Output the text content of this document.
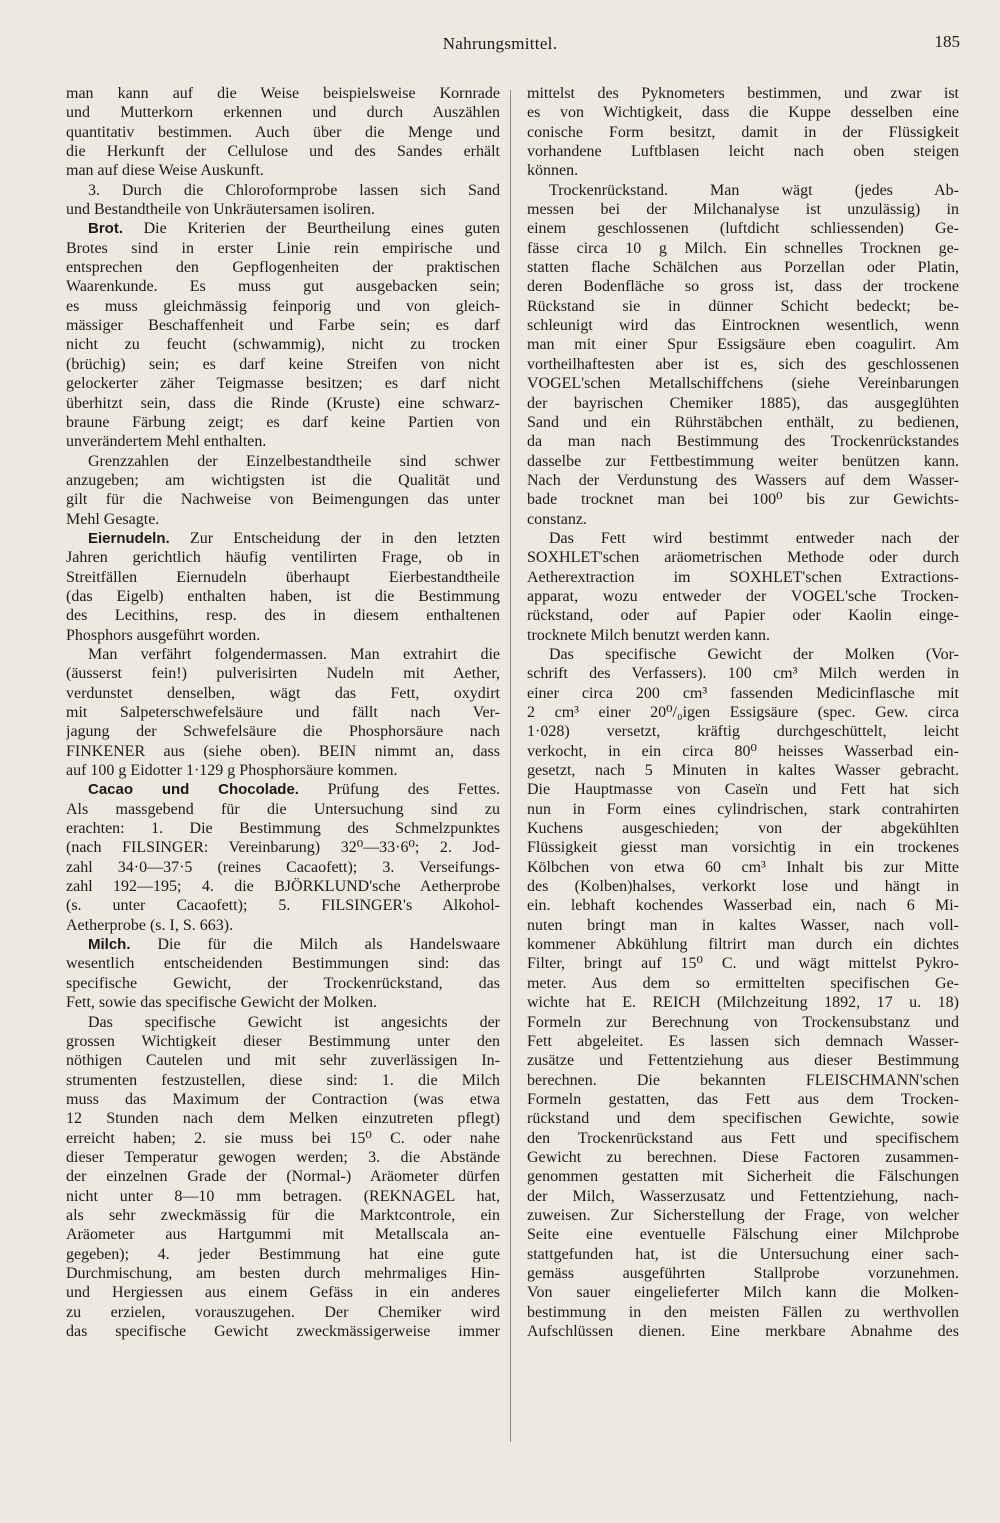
Nahrungsmittel.	185
man kann auf die Weise beispielsweise Kornrade
und Mutterkorn erkennen und durch Auszählen
quantitativ bestimmen. Auch über die Menge und
die Herkunft der Cellulose und des Sandes erhält
man auf diese Weise Auskunft.
3. Durch die Chloroformprobe lassen sich Sand
und Bestandtheile von Unkräutersamen isoliren.
Brot. Die Kriterien der Beurtheilung eines guten
Brotes sind in erster Linie rein empirische und
entsprechen den Gepflogenheiten der praktischen
Waarenkunde. Es muss gut ausgebacken sein;
es muss gleichmässig feinporig und von gleich-
mässiger Beschaffenheit und Farbe sein; es darf
nicht zu feucht (schwammig), nicht zu trocken
(brüchig) sein; es darf keine Streifen von nicht
gelockerter zäher Teigmasse besitzen; es darf nicht
überhitzt sein, dass die Rinde (Kruste) eine schwarz-
braune Färbung zeigt; es darf keine Partien von
unverändertem Mehl enthalten.
Grenzzahlen der Einzelbestandtheile sind schwer
anzugeben; am wichtigsten ist die Qualität und
gilt für die Nachweise von Beimengungen das unter
Mehl Gesagte.
Eiernudeln. Zur Entscheidung der in den letzten
Jahren gerichtlich häufig ventilirten Frage, ob in
Streitfällen Eiernudeln überhaupt Eierbestandtheile
(das Eigelb) enthalten haben, ist die Bestimmung
des Lecithins, resp. des in diesem enthaltenen
Phosphors ausgeführt worden.
Man verfährt folgendermassen. Man extrahirt die
(äusserst fein!) pulverisirten Nudeln mit Aether,
verdunstet denselben, wägt das Fett, oxydirt
mit Salpeterschwefelsäure und fällt nach Ver-
jagung der Schwefelsäure die Phosphorsäure nach
FINKENER aus (siehe oben). BEIN nimmt an, dass
auf 100 g Eidotter 1·129 g Phosphorsäure kommen.
Cacao und Chocolade. Prüfung des Fettes.
Als massgebend für die Untersuchung sind zu
erachten: 1. Die Bestimmung des Schmelzpunktes
(nach FILSINGER: Vereinbarung) 32⁰—33·6⁰; 2. Jod-
zahl 34·0—37·5 (reines Cacaofett); 3. Verseifungs-
zahl 192—195; 4. die BJÖRKLUND'sche Aetherprobe
(s. unter Cacaofett); 5. FILSINGER's Alkohol-
Aetherprobe (s. I, S. 663).
Milch. Die für die Milch als Handelswaare
wesentlich entscheidenden Bestimmungen sind: das
specifische Gewicht, der Trockenrückstand, das
Fett, sowie das specifische Gewicht der Molken.
Das specifische Gewicht ist angesichts der
grossen Wichtigkeit dieser Bestimmung unter den
nöthigen Cautelen und mit sehr zuverlässigen In-
strumenten festzustellen, diese sind: 1. die Milch
muss das Maximum der Contraction (was etwa
12 Stunden nach dem Melken einzutreten pflegt)
erreicht haben; 2. sie muss bei 15⁰ C. oder nahe
dieser Temperatur gewogen werden; 3. die Abstände
der einzelnen Grade der (Normal-) Aräometer dürfen
nicht unter 8—10 mm betragen. (REKNAGEL hat,
als sehr zweckmässig für die Marktcontrole, ein
Aräometer aus Hartgummi mit Metallscala an-
gegeben); 4. jeder Bestimmung hat eine gute
Durchmischung, am besten durch mehrmaliges Hin-
und Hergiessen aus einem Gefäss in ein anderes
zu erzielen, vorauszugehen. Der Chemiker wird
das specifische Gewicht zweckmässigerweise immer
mittelst des Pyknometers bestimmen, und zwar ist
es von Wichtigkeit, dass die Kuppe desselben eine
conische Form besitzt, damit in der Flüssigkeit
vorhandene Luftblasen leicht nach oben steigen
können.
Trockenrückstand. Man wägt (jedes Ab-
messen bei der Milchanalyse ist unzulässig) in
einem geschlossenen (luftdicht schliessenden) Ge-
fässe circa 10 g Milch. Ein schnelles Trocknen ge-
statten flache Schälchen aus Porzellan oder Platin,
deren Bodenfläche so gross ist, dass der trockene
Rückstand sie in dünner Schicht bedeckt; be-
schleunigt wird das Eintrocknen wesentlich, wenn
man mit einer Spur Essigsäure eben coagulirt. Am
vortheilhaftesten aber ist es, sich des geschlossenen
VOGEL'schen Metallschiffchens (siehe Vereinbarungen
der bayrischen Chemiker 1885), das ausgeglühten
Sand und ein Rührstäbchen enthält, zu bedienen,
da man nach Bestimmung des Trockenrückstandes
dasselbe zur Fettbestimmung weiter benützen kann.
Nach der Verdunstung des Wassers auf dem Wasser-
bade trocknet man bei 100⁰ bis zur Gewichts-
constanz.
Das Fett wird bestimmt entweder nach der
SOXHLET'schen aräometrischen Methode oder durch
Aetherextraction im SOXHLET'schen Extractions-
apparat, wozu entweder der VOGEL'sche Trocken-
rückstand, oder auf Papier oder Kaolin einge-
trocknete Milch benutzt werden kann.
Das specifische Gewicht der Molken (Vor-
schrift des Verfassers). 100 cm³ Milch werden in
einer circa 200 cm³ fassenden Medicinflasche mit
2 cm³ einer 20⁰/₀igen Essigsäure (spec. Gew. circa
1·028) versetzt, kräftig durchgeschüttelt, leicht
verkocht, in ein circa 80⁰ heisses Wasserbad ein-
gesetzt, nach 5 Minuten in kaltes Wasser gebracht.
Die Hauptmasse von Caseïn und Fett hat sich
nun in Form eines cylindrischen, stark contrahirten
Kuchens ausgeschieden; von der abgekühlten
Flüssigkeit giesst man vorsichtig in ein trockenes
Kölbchen von etwa 60 cm³ Inhalt bis zur Mitte
des (Kolben)halses, verkorkt lose und hängt in
ein. lebhaft kochendes Wasserbad ein, nach 6 Mi-
nuten bringt man in kaltes Wasser, nach voll-
kommener Abkühlung filtrirt man durch ein dichtes
Filter, bringt auf 15⁰ C. und wägt mittelst Pykro-
meter. Aus dem so ermittelten specifischen Ge-
wichte hat E. REICH (Milchzeitung 1892, 17 u. 18)
Formeln zur Berechnung von Trockensubstanz und
Fett abgeleitet. Es lassen sich demnach Wasser-
zusätze und Fettentziehung aus dieser Bestimmung
berechnen. Die bekannten FLEISCHMANN'schen
Formeln gestatten, das Fett aus dem Trocken-
rückstand und dem specifischen Gewichte, sowie
den Trockenrückstand aus Fett und specifischem
Gewicht zu berechnen. Diese Factoren zusammen-
genommen gestatten mit Sicherheit die Fälschungen
der Milch, Wasserzusatz und Fettentziehung, nach-
zuweisen. Zur Sicherstellung der Frage, von welcher
Seite eine eventuelle Fälschung einer Milchprobe
stattgefunden hat, ist die Untersuchung einer sach-
gemäss ausgeführten Stallprobe vorzunehmen.
Von sauer eingelieferter Milch kann die Molken-
bestimmung in den meisten Fällen zu werthvollen
Aufschlüssen dienen. Eine merkbare Abnahme des
